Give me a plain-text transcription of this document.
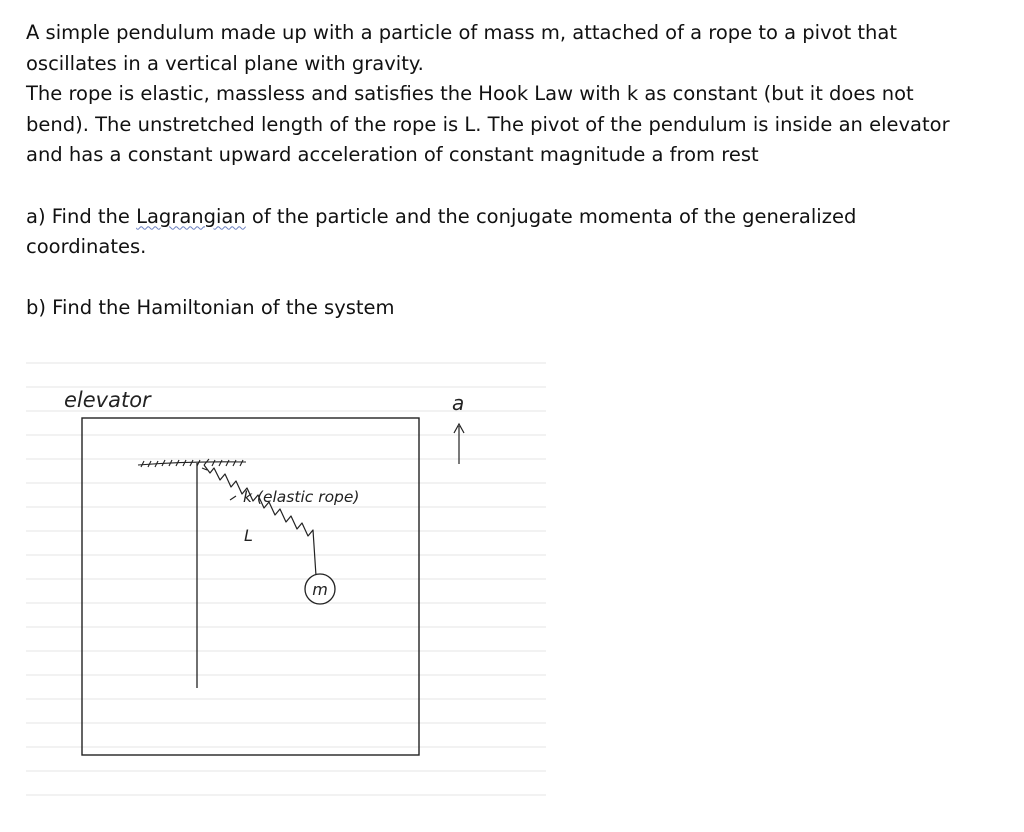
A simple pendulum made up with a particle of mass m, attached of a rope to a pivot that

oscillates in a vertical plane with gravity.

The rope is elastic, massless and satisfies the Hook Law with k as constant (but it does not

bend). The unstretched length of the rope is L. The pivot of the pendulum is inside an elevator

and has a constant upward acceleration of constant magnitude a from rest

a) Find the Lagrangian of the particle and the conjugate momenta of the generalized

coordinates.

b) Find the Hamiltonian of the system

elevator
k (elastic rope)
L
m
a
